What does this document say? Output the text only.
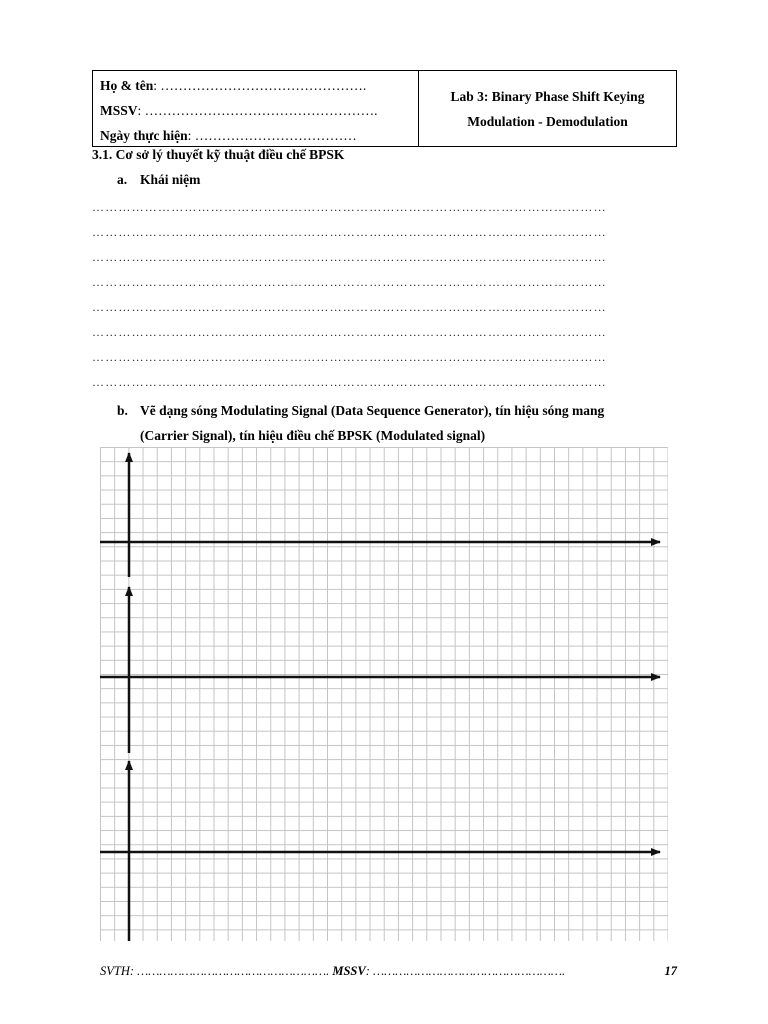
Họ & tên: ……………………………………….
MSSV: …………………………………………….
Ngày thực hiện: ………………………………
Lab 3: Binary Phase Shift Keying
Modulation - Demodulation
3.1. Cơ sở lý thuyết kỹ thuật điều chế BPSK
a. Khái niệm
………………………………………………………………………………………………………
………………………………………………………………………………………………………
………………………………………………………………………………………………………
………………………………………………………………………………………………………
………………………………………………………………………………………………………
………………………………………………………………………………………………………
………………………………………………………………………………………………………
………………………………………………………………………………………………………
b. Vẽ dạng sóng Modulating Signal (Data Sequence Generator), tín hiệu sóng mang
(Carrier Signal), tín hiệu điều chế BPSK (Modulated signal)
SVTH: ……………………………………………. MSSV: …………………………………………….	17
